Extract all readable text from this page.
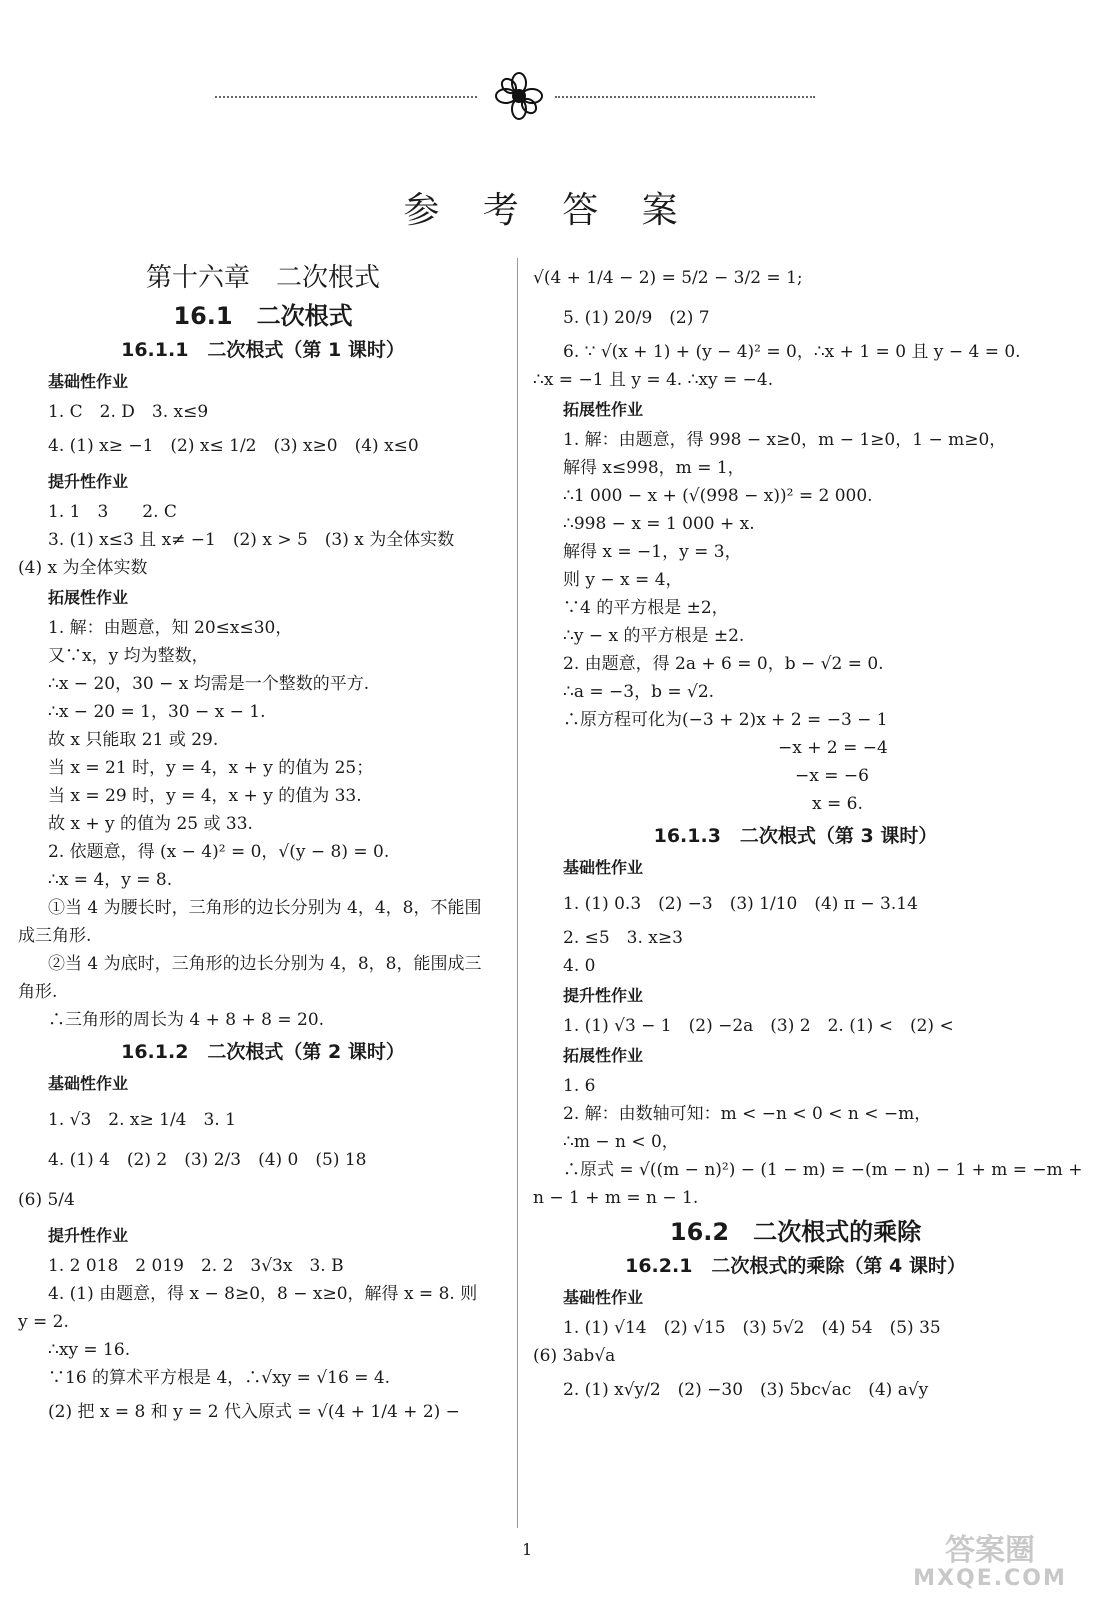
参 考 答 案
第十六章　二次根式
16.1　二次根式
16.1.1　二次根式（第 1 课时）
基础性作业
1. C　2. D　3. x≤9
4. (1) x≥ −1　(2) x≤ 1/2　(3) x≥0　(4) x≤0
提升性作业
1. 1　3　　2. C
3. (1) x≤3 且 x≠ −1　(2) x > 5　(3) x 为全体实数
(4) x 为全体实数
拓展性作业
1. 解：由题意，知 20≤x≤30，
又∵x，y 均为整数，
∴x − 20，30 − x 均需是一个整数的平方.
∴x − 20 = 1，30 − x − 1.
故 x 只能取 21 或 29.
当 x = 21 时，y = 4，x + y 的值为 25；
当 x = 29 时，y = 4，x + y 的值为 33.
故 x + y 的值为 25 或 33.
2. 依题意，得 (x − 4)² = 0，√(y − 8) = 0.
∴x = 4，y = 8.
①当 4 为腰长时，三角形的边长分别为 4，4，8，不能围
成三角形.
②当 4 为底时，三角形的边长分别为 4，8，8，能围成三
角形.
∴三角形的周长为 4 + 8 + 8 = 20.
16.1.2　二次根式（第 2 课时）
基础性作业
1. √3　2. x≥ 1/4　3. 1
4. (1) 4　(2) 2　(3) 2/3　(4) 0　(5) 18
(6) 5/4
提升性作业
1. 2 018　2 019　2. 2　3√3x　3. B
4. (1) 由题意，得 x − 8≥0，8 − x≥0，解得 x = 8. 则
y = 2.
∴xy = 16.
∵16 的算术平方根是 4，∴√xy = √16 = 4.
(2) 把 x = 8 和 y = 2 代入原式 = √(4 + 1/4 + 2) −
√(4 + 1/4 − 2) = 5/2 − 3/2 = 1;
5. (1) 20/9　(2) 7
6. ∵ √(x + 1) + (y − 4)² = 0，∴x + 1 = 0 且 y − 4 = 0.
∴x = −1 且 y = 4. ∴xy = −4.
拓展性作业
1. 解：由题意，得 998 − x≥0，m − 1≥0，1 − m≥0，
解得 x≤998，m = 1，
∴1 000 − x + (√(998 − x))² = 2 000.
∴998 − x = 1 000 + x.
解得 x = −1，y = 3，
则 y − x = 4，
∵4 的平方根是 ±2，
∴y − x 的平方根是 ±2.
2. 由题意，得 2a + 6 = 0，b − √2 = 0.
∴a = −3，b = √2.
∴原方程可化为(−3 + 2)x + 2 = −3 − 1
−x + 2 = −4
　−x = −6
　　x = 6.
16.1.3　二次根式（第 3 课时）
基础性作业
1. (1) 0.3　(2) −3　(3) 1/10　(4) π − 3.14
2. ≤5　3. x≥3
4. 0
提升性作业
1. (1) √3 − 1　(2) −2a　(3) 2　2. (1) <　(2) <
拓展性作业
1. 6
2. 解：由数轴可知：m < −n < 0 < n < −m，
∴m − n < 0，
∴原式 = √((m − n)²) − (1 − m) = −(m − n) − 1 + m = −m +
n − 1 + m = n − 1.
16.2　二次根式的乘除
16.2.1　二次根式的乘除（第 4 课时）
基础性作业
1. (1) √14　(2) √15　(3) 5√2　(4) 54　(5) 35
(6) 3ab√a
2. (1) x√y/2　(2) −30　(3) 5bc√ac　(4) a√y
1	答案圈
MXQE.COM
